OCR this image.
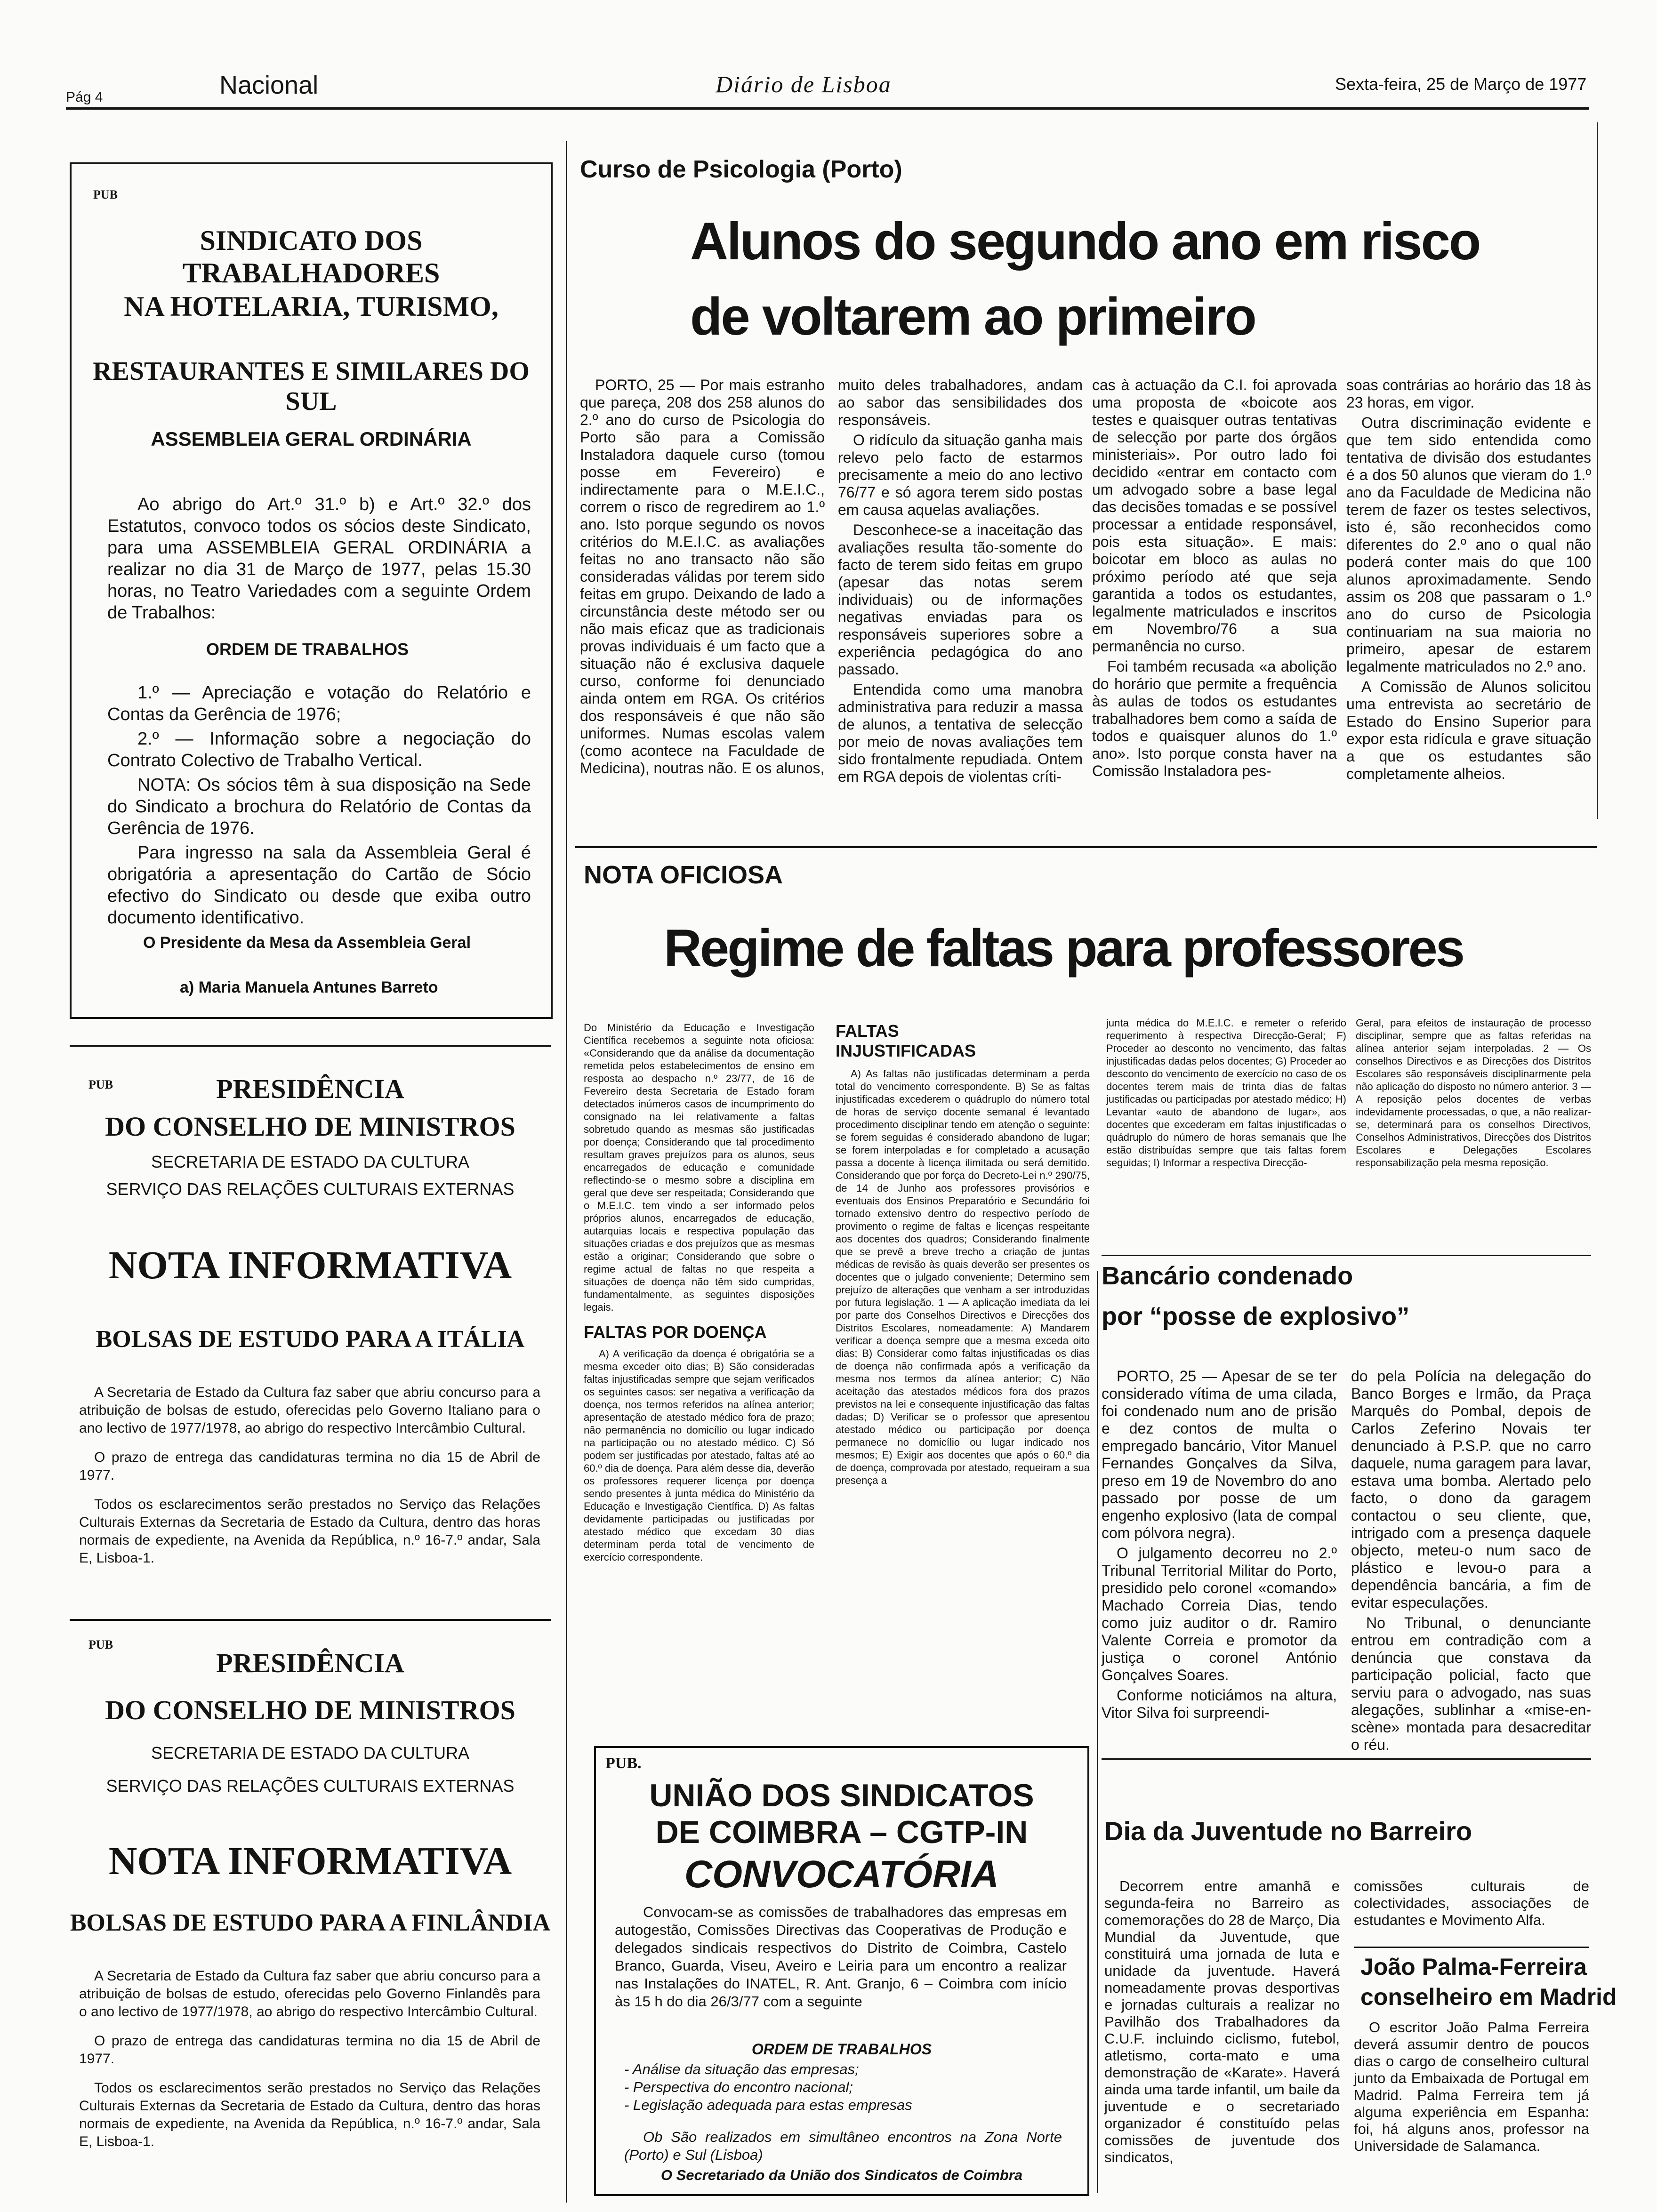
Pág 4	Nacional	Diário de Lisboa	Sexta-feira, 25 de Março de 1977
PUB
SINDICATO DOS TRABALHADORES
NA HOTELARIA, TURISMO,
RESTAURANTES E SIMILARES DO SUL
ASSEMBLEIA GERAL ORDINÁRIA

Ao abrigo do Art.º 31.º b) e Art.º 32.º dos Estatutos, convoco todos os sócios deste Sindicato, para uma ASSEMBLEIA GERAL ORDINÁRIA a realizar no dia 31 de Março de 1977, pelas 15.30 horas, no Teatro Variedades com a seguinte Ordem de Trabalhos:

ORDEM DE TRABALHOS

1.º — Apreciação e votação do Relatório e Contas da Gerência de 1976;

2.º — Informação sobre a negociação do Contrato Colectivo de Trabalho Vertical.

NOTA: Os sócios têm à sua disposição na Sede do Sindicato a brochura do Relatório de Contas da Gerência de 1976.

Para ingresso na sala da Assembleia Geral é obrigatória a apresentação do Cartão de Sócio efectivo do Sindicato ou desde que exiba outro documento identificativo.

O Presidente da Mesa da Assembleia Geral
a) Maria Manuela Antunes Barreto
PUB	PRESIDÊNCIA
DO CONSELHO DE MINISTROS
SECRETARIA DE ESTADO DA CULTURA
SERVIÇO DAS RELAÇÕES CULTURAIS EXTERNAS
NOTA INFORMATIVA
BOLSAS DE ESTUDO PARA A ITÁLIA

A Secretaria de Estado da Cultura faz saber que abriu concurso para a atribuição de bolsas de estudo, oferecidas pelo Governo Italiano para o ano lectivo de 1977/1978, ao abrigo do respectivo Intercâmbio Cultural.

O prazo de entrega das candidaturas termina no dia 15 de Abril de 1977.

Todos os esclarecimentos serão prestados no Serviço das Relações Culturais Externas da Secretaria de Estado da Cultura, dentro das horas normais de expediente, na Avenida da República, n.º 16-7.º andar, Sala E, Lisboa-1.

PUB
PRESIDÊNCIA
DO CONSELHO DE MINISTROS
SECRETARIA DE ESTADO DA CULTURA
SERVIÇO DAS RELAÇÕES CULTURAIS EXTERNAS
NOTA INFORMATIVA
BOLSAS DE ESTUDO PARA A FINLÂNDIA

A Secretaria de Estado da Cultura faz saber que abriu concurso para a atribuição de bolsas de estudo, oferecidas pelo Governo Finlandês para o ano lectivo de 1977/1978, ao abrigo do respectivo Intercâmbio Cultural.

O prazo de entrega das candidaturas termina no dia 15 de Abril de 1977.

Todos os esclarecimentos serão prestados no Serviço das Relações Culturais Externas da Secretaria de Estado da Cultura, dentro das horas normais de expediente, na Avenida da República, n.º 16-7.º andar, Sala E, Lisboa-1.

Curso de Psicologia (Porto)
Alunos do segundo ano em risco
de voltarem ao primeiro

PORTO, 25 — Por mais estranho que pareça, 208 dos 258 alunos do 2.º ano do curso de Psicologia do Porto são para a Comissão Instaladora daquele curso (tomou posse em Fevereiro) e indirectamente para o M.E.I.C., correm o risco de regredirem ao 1.º ano. Isto porque segundo os novos critérios do M.E.I.C. as avaliações feitas no ano transacto não são consideradas válidas por terem sido feitas em grupo. Deixando de lado a circunstância deste método ser ou não mais eficaz que as tradicionais provas individuais é um facto que a situação não é exclusiva daquele curso, conforme foi denunciado ainda ontem em RGA. Os critérios dos responsáveis é que não são uniformes. Numas escolas valem (como acontece na Faculdade de Medicina), noutras não. E os alunos,

muito deles trabalhadores, andam ao sabor das sensibilidades dos responsáveis.

O ridículo da situação ganha mais relevo pelo facto de estarmos precisamente a meio do ano lectivo 76/77 e só agora terem sido postas em causa aquelas avaliações.

Desconhece-se a inaceitação das avaliações resulta tão-somente do facto de terem sido feitas em grupo (apesar das notas serem individuais) ou de informações negativas enviadas para os responsáveis superiores sobre a experiência pedagógica do ano passado.

Entendida como uma manobra administrativa para reduzir a massa de alunos, a tentativa de selecção por meio de novas avaliações tem sido frontalmente repudiada. Ontem em RGA depois de violentas críti-

cas à actuação da C.I. foi aprovada uma proposta de «boicote aos testes e quaisquer outras tentativas de selecção por parte dos órgãos ministeriais». Por outro lado foi decidido «entrar em contacto com um advogado sobre a base legal das decisões tomadas e se possível processar a entidade responsável, pois esta situação». E mais: boicotar em bloco as aulas no próximo período até que seja garantida a todos os estudantes, legalmente matriculados e inscritos em Novembro/76 a sua permanência no curso.

Foi também recusada «a abolição do horário que permite a frequência às aulas de todos os estudantes trabalhadores bem como a saída de todos e quaisquer alunos do 1.º ano». Isto porque consta haver na Comissão Instaladora pes-

soas contrárias ao horário das 18 às 23 horas, em vigor.

Outra discriminação evidente e que tem sido entendida como tentativa de divisão dos estudantes é a dos 50 alunos que vieram do 1.º ano da Faculdade de Medicina não terem de fazer os testes selectivos, isto é, são reconhecidos como diferentes do 2.º ano o qual não poderá conter mais do que 100 alunos aproximadamente. Sendo assim os 208 que passaram o 1.º ano do curso de Psicologia continuariam na sua maioria no primeiro, apesar de estarem legalmente matriculados no 2.º ano.

A Comissão de Alunos solicitou uma entrevista ao secretário de Estado do Ensino Superior para expor esta ridícula e grave situação a que os estudantes são completamente alheios.

NOTA OFICIOSA
Regime de faltas para professores

Do Ministério da Educação e Investigação Científica recebemos a seguinte nota oficiosa: «Considerando que da análise da documentação remetida pelos estabelecimentos de ensino em resposta ao despacho n.º 23/77, de 16 de Fevereiro desta Secretaria de Estado foram detectados inúmeros casos de incumprimento do consignado na lei relativamente a faltas sobretudo quando as mesmas são justificadas por doença; Considerando que tal procedimento resultam graves prejuízos para os alunos, seus encarregados de educação e comunidade reflectindo-se o mesmo sobre a disciplina em geral que deve ser respeitada; Considerando que o M.E.I.C. tem vindo a ser informado pelos próprios alunos, encarregados de educação, autarquias locais e respectiva população das situações criadas e dos prejuízos que as mesmas estão a originar; Considerando que sobre o regime actual de faltas no que respeita a situações de doença não têm sido cumpridas, fundamentalmente, as seguintes disposições legais.

FALTAS POR DOENÇA

A) A verificação da doença é obrigatória se a mesma exceder oito dias; B) São consideradas faltas injustificadas sempre que sejam verificados os seguintes casos: ser negativa a verificação da doença, nos termos referidos na alínea anterior; apresentação de atestado médico fora de prazo; não permanência no domicílio ou lugar indicado na participação ou no atestado médico. C) Só podem ser justificadas por atestado, faltas até ao 60.º dia de doença. Para além desse dia, deverão os professores requerer licença por doença sendo presentes à junta médica do Ministério da Educação e Investigação Científica. D) As faltas devidamente participadas ou justificadas por atestado médico que excedam 30 dias determinam perda total de vencimento de exercício correspondente.

FALTAS INJUSTIFICADAS

A) As faltas não justificadas determinam a perda total do vencimento correspondente. B) Se as faltas injustificadas excederem o quádruplo do número total de horas de serviço docente semanal é levantado procedimento disciplinar tendo em atenção o seguinte: se forem seguidas é considerado abandono de lugar; se forem interpoladas e for completado a acusação passa a docente à licença ilimitada ou será demitido. Considerando que por força do Decreto-Lei n.º 290/75, de 14 de Junho aos professores provisórios e eventuais dos Ensinos Preparatório e Secundário foi tornado extensivo dentro do respectivo período de provimento o regime de faltas e licenças respeitante aos docentes dos quadros; Considerando finalmente que se prevê a breve trecho a criação de juntas médicas de revisão às quais deverão ser presentes os docentes que o julgado conveniente; Determino sem prejuízo de alterações que venham a ser introduzidas por futura legislação. 1 — A aplicação imediata da lei por parte dos Conselhos Directivos e Direcções dos Distritos Escolares, nomeadamente: A) Mandarem verificar a doença sempre que a mesma exceda oito dias; B) Considerar como faltas injustificadas os dias de doença não confirmada após a verificação da mesma nos termos da alínea anterior; C) Não aceitação das atestados médicos fora dos prazos previstos na lei e consequente injustificação das faltas dadas; D) Verificar se o professor que apresentou atestado médico ou participação por doença permanece no domicílio ou lugar indicado nos mesmos; E) Exigir aos docentes que após o 60.º dia de doença, comprovada por atestado, requeiram a sua presença a

junta médica do M.E.I.C. e remeter o referido requerimento à respectiva Direcção-Geral; F) Proceder ao desconto no vencimento, das faltas injustificadas dadas pelos docentes; G) Proceder ao desconto do vencimento de exercício no caso de os docentes terem mais de trinta dias de faltas justificadas ou participadas por atestado médico; H) Levantar «auto de abandono de lugar», aos docentes que excederam em faltas injustificadas o quádruplo do número de horas semanais que lhe estão distribuídas sempre que tais faltas forem seguidas; I) Informar a respectiva Direcção-

Geral, para efeitos de instauração de processo disciplinar, sempre que as faltas referidas na alínea anterior sejam interpoladas. 2 — Os conselhos Directivos e as Direcções dos Distritos Escolares são responsáveis disciplinarmente pela não aplicação do disposto no número anterior. 3 — A reposição pelos docentes de verbas indevidamente processadas, o que, a não realizar-se, determinará para os conselhos Directivos, Conselhos Administrativos, Direcções dos Distritos Escolares e Delegações Escolares responsabilização pela mesma reposição.

PUB.
UNIÃO DOS SINDICATOS
DE COIMBRA – CGTP-IN
CONVOCATÓRIA

Convocam-se as comissões de trabalhadores das empresas em autogestão, Comissões Directivas das Cooperativas de Produção e delegados sindicais respectivos do Distrito de Coimbra, Castelo Branco, Guarda, Viseu, Aveiro e Leiria para um encontro a realizar nas Instalações do INATEL, R. Ant. Granjo, 6 – Coimbra com início às 15 h do dia 26/3/77 com a seguinte

ORDEM DE TRABALHOS
- Análise da situação das empresas;
- Perspectiva do encontro nacional;
- Legislação adequada para estas empresas

Ob São realizados em simultâneo encontros na Zona Norte (Porto) e Sul (Lisboa)

O Secretariado da União dos Sindicatos de Coimbra
Bancário condenado
por “posse de explosivo”

PORTO, 25 — Apesar de se ter considerado vítima de uma cilada, foi condenado num ano de prisão e dez contos de multa o empregado bancário, Vitor Manuel Fernandes Gonçalves da Silva, preso em 19 de Novembro do ano passado por posse de um engenho explosivo (lata de compal com pólvora negra).

O julgamento decorreu no 2.º Tribunal Territorial Militar do Porto, presidido pelo coronel «comando» Machado Correia Dias, tendo como juiz auditor o dr. Ramiro Valente Correia e promotor da justiça o coronel António Gonçalves Soares.

Conforme noticiámos na altura, Vitor Silva foi surpreendi-

do pela Polícia na delegação do Banco Borges e Irmão, da Praça Marquês do Pombal, depois de Carlos Zeferino Novais ter denunciado à P.S.P. que no carro daquele, numa garagem para lavar, estava uma bomba. Alertado pelo facto, o dono da garagem contactou o seu cliente, que, intrigado com a presença daquele objecto, meteu-o num saco de plástico e levou-o para a dependência bancária, a fim de evitar especulações.

No Tribunal, o denunciante entrou em contradição com a denúncia que constava da participação policial, facto que serviu para o advogado, nas suas alegações, sublinhar a «mise-en-scène» montada para desacreditar o réu.

Dia da Juventude no Barreiro

Decorrem entre amanhã e segunda-feira no Barreiro as comemorações do 28 de Março, Dia Mundial da Juventude, que constituirá uma jornada de luta e unidade da juventude. Haverá nomeadamente provas desportivas e jornadas culturais a realizar no Pavilhão dos Trabalhadores da C.U.F. incluindo ciclismo, futebol, atletismo, corta-mato e uma demonstração de «Karate». Haverá ainda uma tarde infantil, um baile da juventude e o secretariado organizador é constituído pelas comissões de juventude dos sindicatos,

comissões culturais de colectividades, associações de estudantes e Movimento Alfa.

João Palma-Ferreira
conselheiro em Madrid

O escritor João Palma Ferreira deverá assumir dentro de poucos dias o cargo de conselheiro cultural junto da Embaixada de Portugal em Madrid. Palma Ferreira tem já alguma experiência em Espanha: foi, há alguns anos, professor na Universidade de Salamanca.
